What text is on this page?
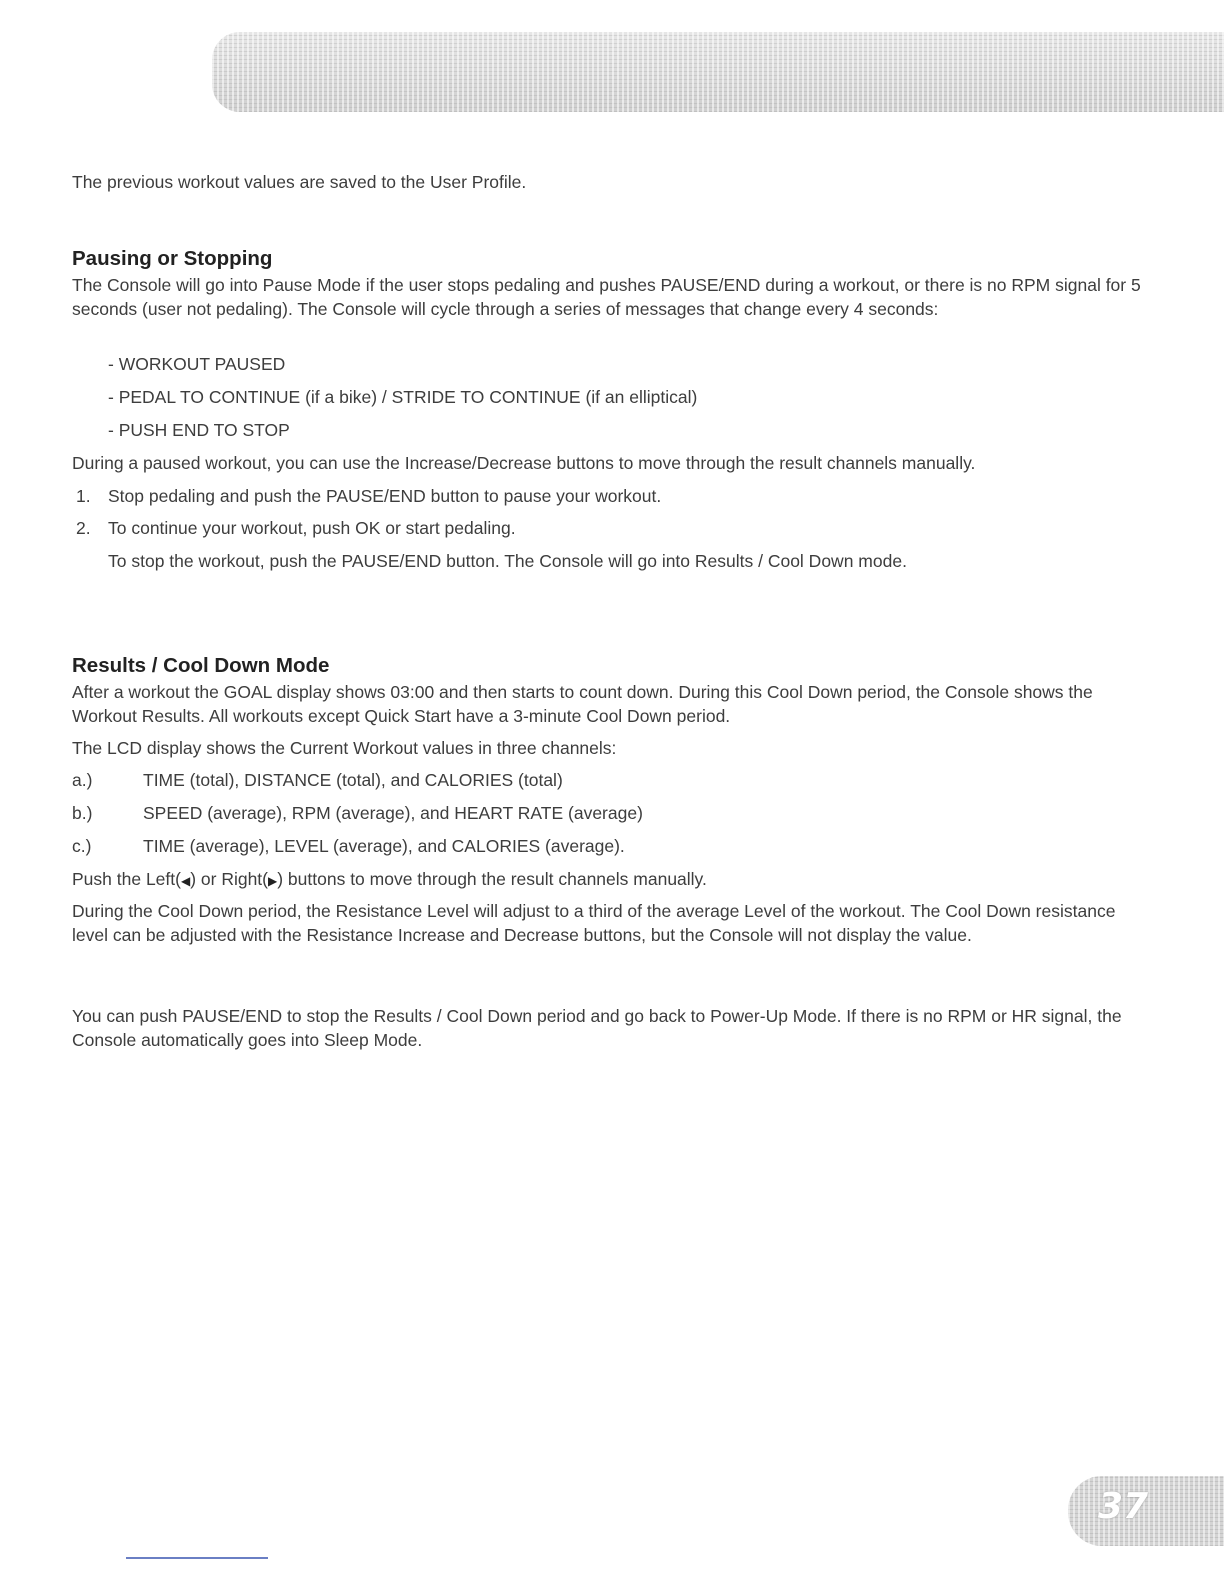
The previous workout values are saved to the User Profile.

Pausing or Stopping

The Console will go into Pause Mode if the user stops pedaling and pushes PAUSE/END during a workout, or there is no RPM signal for 5 seconds (user not pedaling). The Console will cycle through a series of messages that change every 4 seconds:

- WORKOUT PAUSED

- PEDAL TO CONTINUE (if a bike) / STRIDE TO CONTINUE (if an elliptical)

- PUSH END TO STOP

During a paused workout, you can use the Increase/Decrease buttons to move through the result channels manually.

1. Stop pedaling and push the PAUSE/END button to pause your workout.

2. To continue your workout, push OK or start pedaling.

To stop the workout, push the PAUSE/END button. The Console will go into Results / Cool Down mode.

Results / Cool Down Mode

After a workout the GOAL display shows 03:00 and then starts to count down. During this Cool Down period, the Console shows the Workout Results. All workouts except Quick Start have a 3-minute Cool Down period.

The LCD display shows the Current Workout values in three channels:

a.)	TIME (total), DISTANCE (total), and CALORIES (total)
b.)	SPEED (average), RPM (average), and HEART RATE (average)
c.)	TIME (average), LEVEL (average), and CALORIES (average).

Push the Left(◀) or Right(▶) buttons to move through the result channels manually.

During the Cool Down period, the Resistance Level will adjust to a third of the average Level of the workout. The Cool Down resistance level can be adjusted with the Resistance Increase and Decrease buttons, but the Console will not display the value.

You can push PAUSE/END to stop the Results / Cool Down period and go back to Power-Up Mode. If there is no RPM or HR signal, the Console automatically goes into Sleep Mode.

37
